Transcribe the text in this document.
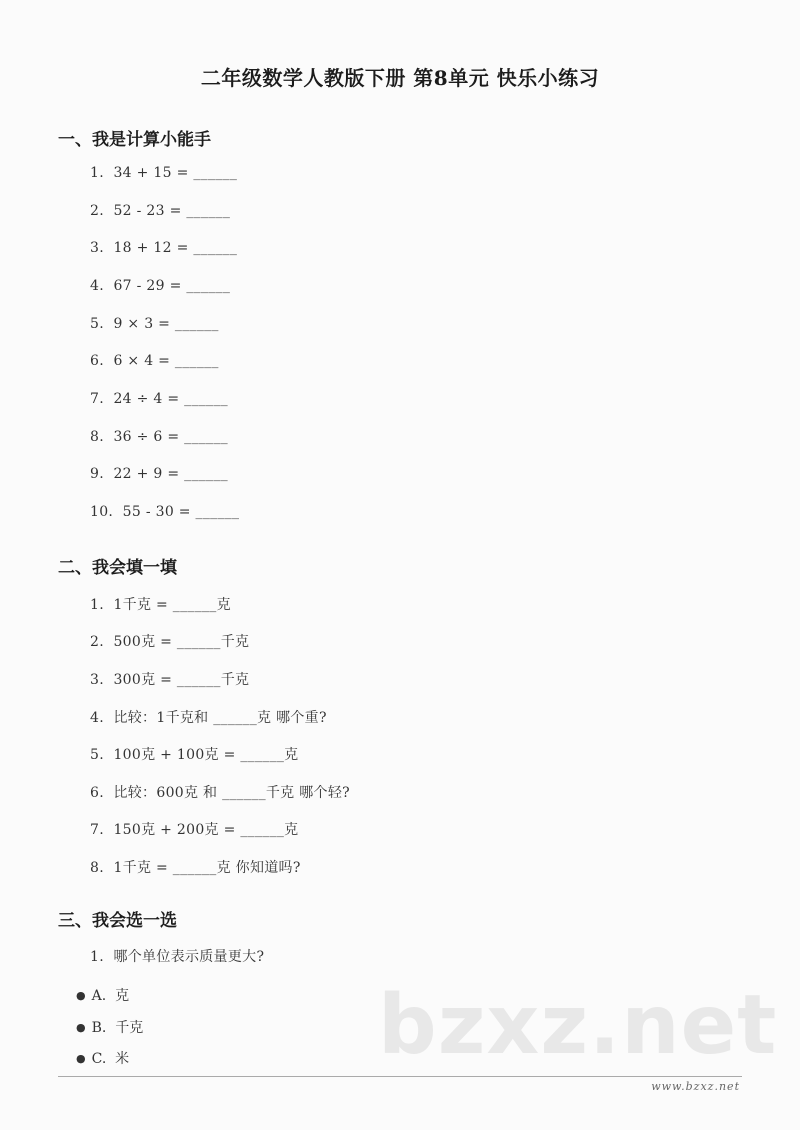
二年级数学人教版下册 第8单元 快乐小练习
一、我是计算小能手
1.  34 + 15 = ______
2.  52 - 23 = ______
3.  18 + 12 = ______
4.  67 - 29 = ______
5.  9 × 3 = ______
6.  6 × 4 = ______
7.  24 ÷ 4 = ______
8.  36 ÷ 6 = ______
9.  22 + 9 = ______
10.  55 - 30 = ______
二、我会填一填
1.  1千克 = ______克
2.  500克 = ______千克
3.  300克 = ______千克
4.  比较：1千克和 ______克 哪个重?
5.  100克 + 100克 = ______克
6.  比较：600克 和 ______千克 哪个轻?
7.  150克 + 200克 = ______克
8.  1千克 = ______克 你知道吗?
三、我会选一选
1.  哪个单位表示质量更大?
● A.  克
● B.  千克
● C.  米	bzxz.net
www.bzxz.net
